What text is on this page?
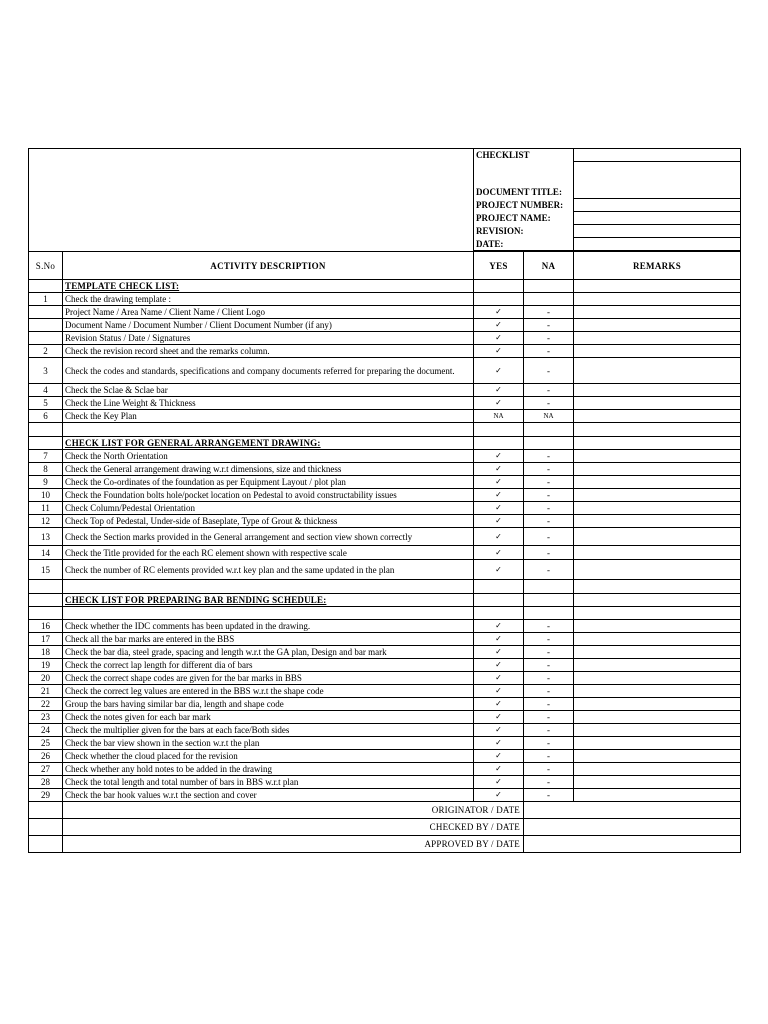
		CHECKLIST		

		DOCUMENT TITLE:		
		PROJECT NUMBER:		
		PROJECT NAME:		
		REVISION:		
		DATE:		

S.No	ACTIVITY DESCRIPTION	YES	NA	REMARKS
	TEMPLATE CHECK LIST:			
1	Check the drawing template :			
	Project Name / Area Name / Client Name / Client Logo	✓	-	
	Document Name / Document Number / Client Document Number (if any)	✓	-	
	Revision Status / Date / Signatures	✓	-	
2	Check the revision record sheet and the remarks column.	✓	-	
3	Check the codes and standards, specifications and company documents referred for preparing the document.	✓	-	
4	Check the Sclae & Sclae bar	✓	-	
5	Check the Line Weight & Thickness	✓	-	
6	Check the Key Plan	NA	NA	

	CHECK LIST FOR GENERAL ARRANGEMENT DRAWING:			
7	Check the North Orientation	✓	-	
8	Check the General arrangement drawing w.r.t dimensions, size and thickness	✓	-	
9	Check the Co-ordinates of the foundation as per Equipment Layout / plot plan	✓	-	
10	Check the Foundation bolts hole/pocket location on Pedestal to avoid constructability issues	✓	-	
11	Check Column/Pedestal Orientation	✓	-	
12	Check Top of Pedestal, Under-side of Baseplate, Type of Grout & thickness	✓	-	
13	Check the Section marks provided in the General arrangement and section view shown correctly	✓	-	
14	Check the Title provided for the each RC element shown with respective scale	✓	-	
15	Check the number of RC elements provided w.r.t key plan and the same updated in the plan	✓	-	

	CHECK LIST FOR PREPARING BAR BENDING SCHEDULE:			

16	Check whether the IDC comments has been updated in the drawing.	✓	-	
17	Check all the bar marks are entered in the BBS	✓	-	
18	Check the bar dia, steel grade, spacing and length w.r.t the GA plan, Design and bar mark	✓	-	
19	Check the correct lap length for different dia of bars	✓	-	
20	Check the correct shape codes are given for the bar marks in BBS	✓	-	
21	Check the correct leg values are entered in the BBS w.r.t the shape code	✓	-	
22	Group the bars having similar bar dia, length and shape code	✓	-	
23	Check the notes given for each bar mark	✓	-	
24	Check the multiplier given for the bars at each face/Both sides	✓	-	
25	Check the bar view shown in the section w.r.t the plan	✓	-	
26	Check whether the cloud placed for the revision	✓	-	
27	Check whether any hold notes to be added in the drawing	✓	-	
28	Check the total length and total number of bars in BBS w.r.t plan	✓	-	
29	Check the bar hook values w.r.t the section and cover	✓	-	
	ORIGINATOR / DATE			
	CHECKED BY / DATE			
	APPROVED BY / DATE			
